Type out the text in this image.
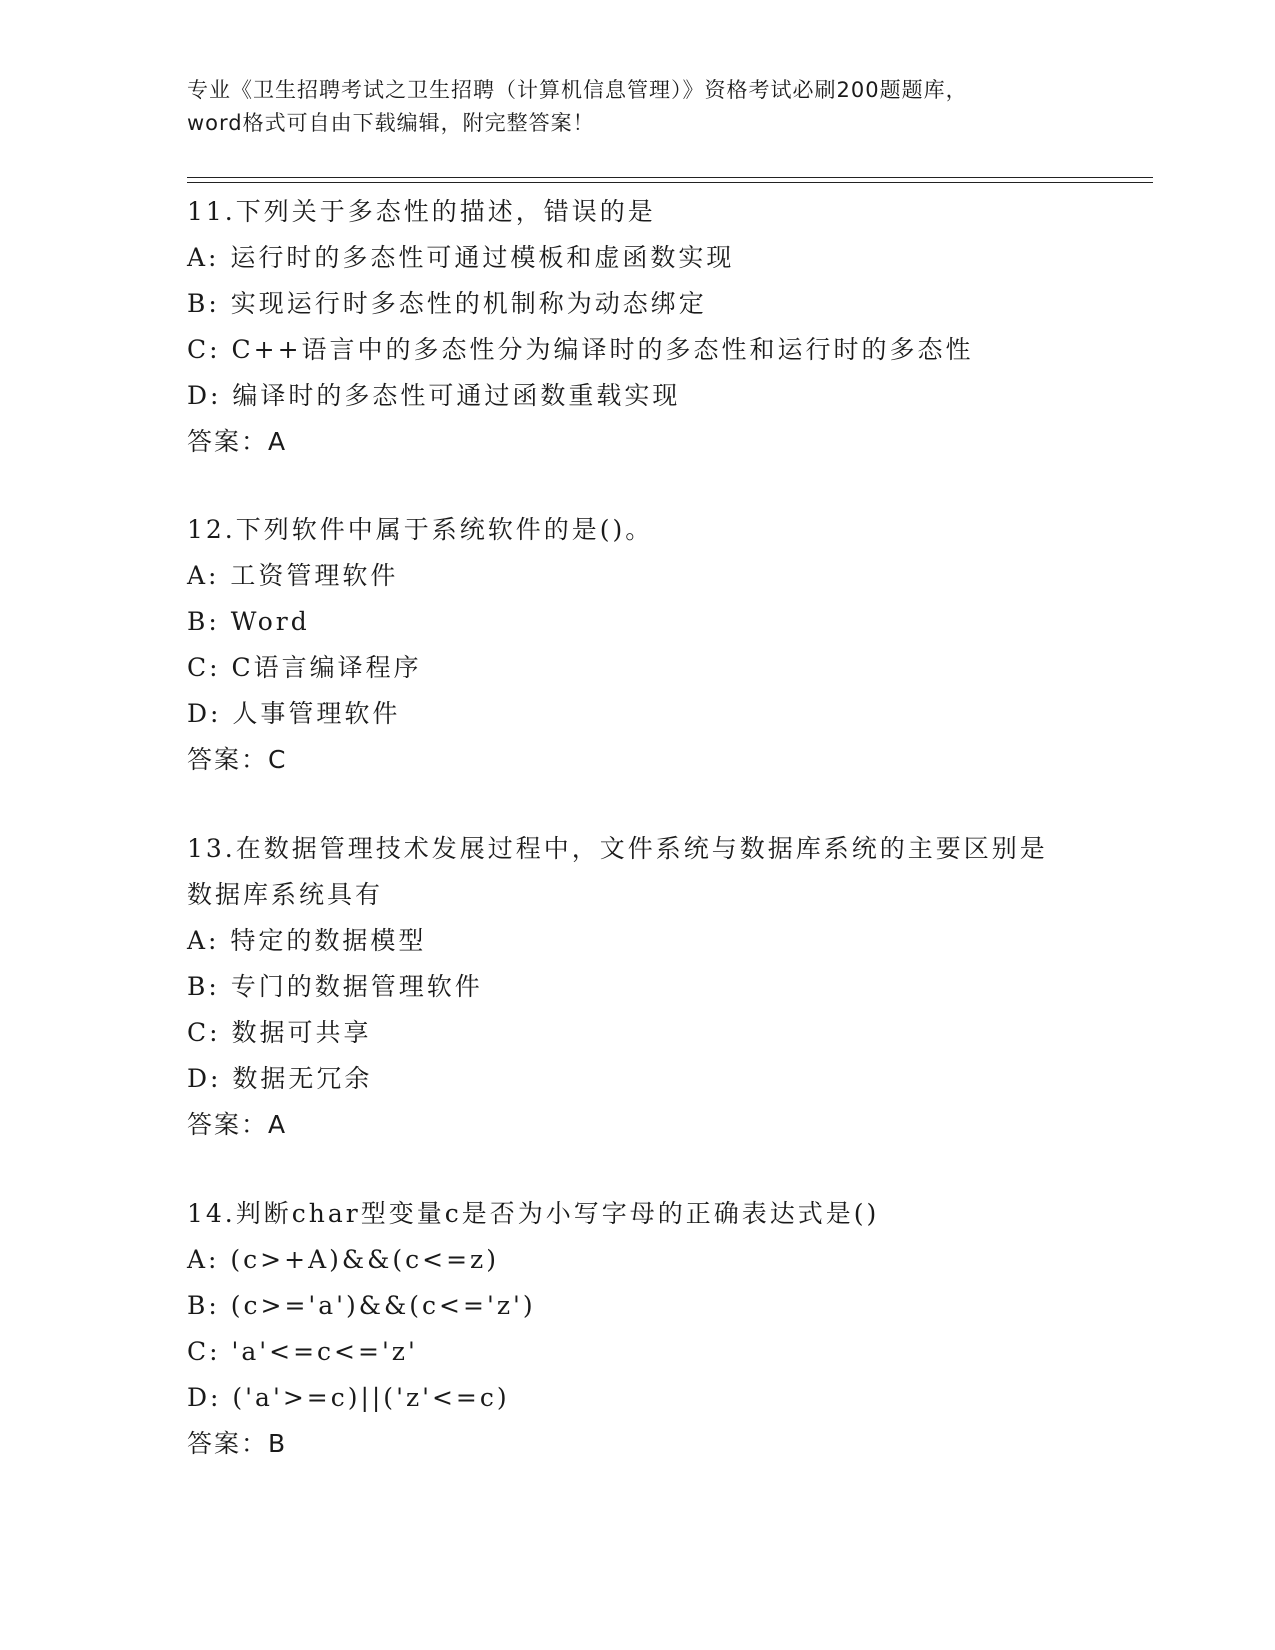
专业《卫生招聘考试之卫生招聘（计算机信息管理）》资格考试必刷200题题库，
word格式可自由下载编辑，附完整答案！
11.下列关于多态性的描述，错误的是
A: 运行时的多态性可通过模板和虚函数实现
B: 实现运行时多态性的机制称为动态绑定
C: C++语言中的多态性分为编译时的多态性和运行时的多态性
D: 编译时的多态性可通过函数重载实现
答案：A
12.下列软件中属于系统软件的是()。
A: 工资管理软件
B: Word
C: C语言编译程序
D: 人事管理软件
答案：C
13.在数据管理技术发展过程中，文件系统与数据库系统的主要区别是数据库系统具有
A: 特定的数据模型
B: 专门的数据管理软件
C: 数据可共享
D: 数据无冗余
答案：A
14.判断char型变量c是否为小写字母的正确表达式是()
A: (c>+A)&&(c<=z)
B: (c>='a')&&(c<='z')
C: 'a'<=c<='z'
D: ('a'>=c)||('z'<=c)
答案：B
